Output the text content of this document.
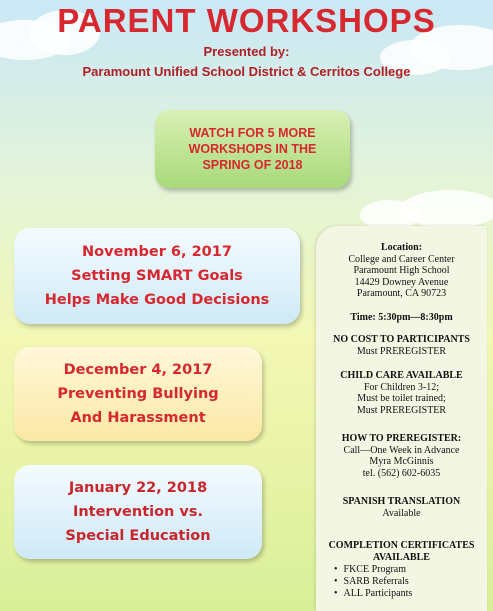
PARENT WORKSHOPS
Presented by:
Paramount Unified School District & Cerritos College
WATCH FOR 5 MORE
WORKSHOPS IN THE
SPRING OF 2018
November 6, 2017
Setting SMART Goals
Helps Make Good Decisions
December 4, 2017
Preventing Bullying
And Harassment
January 22, 2018
Intervention vs.
Special Education
Location:
College and Career Center
Paramount High School
14429 Downey Avenue
Paramount, CA 90723
Time: 5:30pm—8:30pm
NO COST TO PARTICIPANTS
Must PREREGISTER
CHILD CARE AVAILABLE
For Children 3-12;
Must be toilet trained;
Must PREREGISTER
HOW TO PREREGISTER:
Call—One Week in Advance
Myra McGinnis
tel. (562) 602-6035
SPANISH TRANSLATION
Available
COMPLETION CERTIFICATES
AVAILABLE
• FKCE Program
• SARB Referrals
• ALL Participants
